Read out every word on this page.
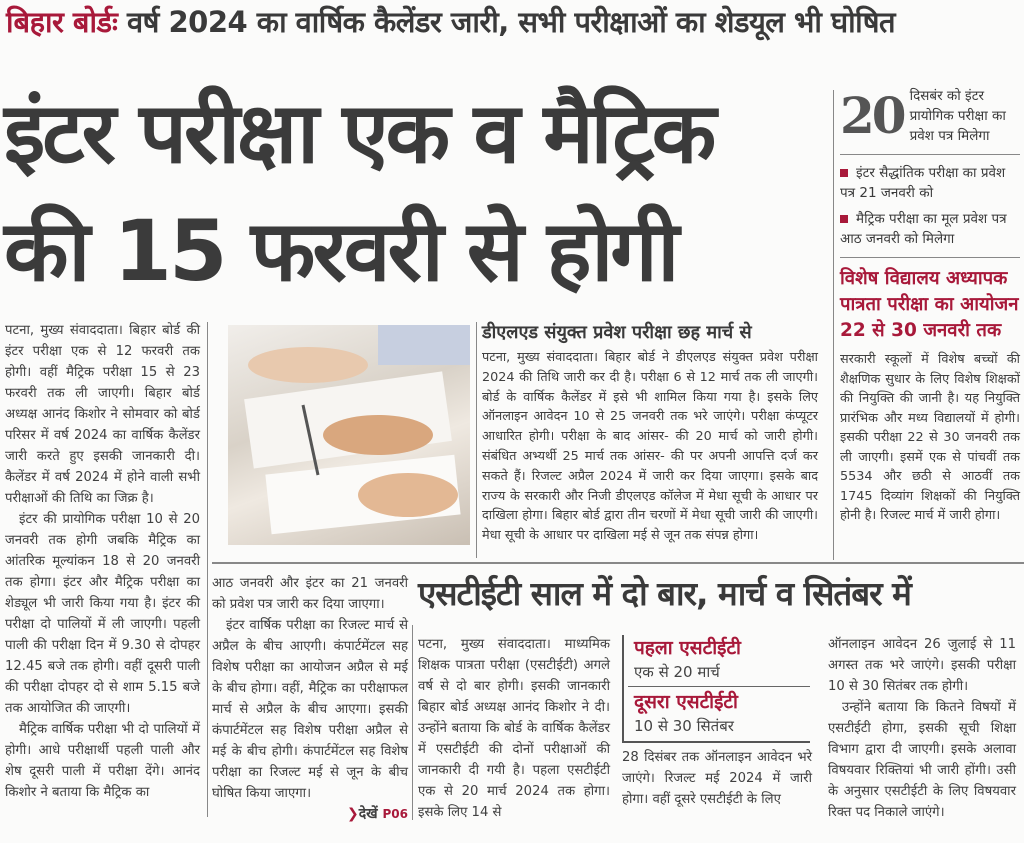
बिहार बोर्डः वर्ष 2024 का वार्षिक कैलेंडर जारी, सभी परीक्षाओं का शेडयूल भी घोषित
इंटर परीक्षा एक व मैट्रिक
की 15 फरवरी से होगी
20 दिसबंर को इंटर प्रायोगिक परीक्षा का प्रवेश पत्र मिलेगा
इंटर सैद्धांतिक परीक्षा का प्रवेश पत्र 21 जनवरी को
मैट्रिक परीक्षा का मूल प्रवेश पत्र आठ जनवरी को मिलेगा
विशेष विद्यालय अध्यापक पात्रता परीक्षा का आयोजन 22 से 30 जनवरी तक
सरकारी स्कूलों में विशेष बच्चों की शैक्षणिक सुधार के लिए विशेष शिक्षकों की नियुक्ति की जानी है। यह नियुक्ति प्रारंभिक और मध्य विद्यालयों में होगी। इसकी परीक्षा 22 से 30 जनवरी तक ली जाएगी। इसमें एक से पांचवीं तक 5534 और छठी से आठवीं तक 1745 दिव्यांग शिक्षकों की नियुक्ति होनी है। रिजल्ट मार्च में जारी होगा।

पटना, मुख्य संवाददाता। बिहार बोर्ड की इंटर परीक्षा एक से 12 फरवरी तक होगी। वहीं मैट्रिक परीक्षा 15 से 23 फरवरी तक ली जाएगी। बिहार बोर्ड अध्यक्ष आनंद किशोर ने सोमवार को बोर्ड परिसर में वर्ष 2024 का वार्षिक कैलेंडर जारी करते हुए इसकी जानकारी दी। कैलेंडर में वर्ष 2024 में होने वाली सभी परीक्षाओं की तिथि का जिक्र है।

इंटर की प्रायोगिक परीक्षा 10 से 20 जनवरी तक होगी जबकि मैट्रिक का आंतरिक मूल्यांकन 18 से 20 जनवरी तक होगा। इंटर और मैट्रिक परीक्षा का शेड्यूल भी जारी किया गया है। इंटर की परीक्षा दो पालियों में ली जाएगी। पहली पाली की परीक्षा दिन में 9.30 से दोपहर 12.45 बजे तक होगी। वहीं दूसरी पाली की परीक्षा दोपहर दो से शाम 5.15 बजे तक आयोजित की जाएगी।

मैट्रिक वार्षिक परीक्षा भी दो पालियों में होगी। आधे परीक्षार्थी पहली पाली और शेष दूसरी पाली में परीक्षा देंगे। आनंद किशोर ने बताया कि मैट्रिक का

डीएलएड संयुक्त प्रवेश परीक्षा छह मार्च से
पटना, मुख्य संवाददाता। बिहार बोर्ड ने डीएलएड संयुक्त प्रवेश परीक्षा 2024 की तिथि जारी कर दी है। परीक्षा 6 से 12 मार्च तक ली जाएगी। बोर्ड के वार्षिक कैलेंडर में इसे भी शामिल किया गया है। इसके लिए ऑनलाइन आवेदन 10 से 25 जनवरी तक भरे जाएंगे। परीक्षा कंप्यूटर आधारित होगी। परीक्षा के बाद आंसर- की 20 मार्च को जारी होगी। संबंधित अभ्यर्थी 25 मार्च तक आंसर- की पर अपनी आपत्ति दर्ज कर सकते हैं। रिजल्ट अप्रैल 2024 में जारी कर दिया जाएगा। इसके बाद राज्य के सरकारी और निजी डीएलएड कॉलेज में मेधा सूची के आधार पर दाखिला होगा। बिहार बोर्ड द्वारा तीन चरणों में मेधा सूची जारी की जाएगी। मेधा सूची के आधार पर दाखिला मई से जून तक संपन्न होगा।

आठ जनवरी और इंटर का 21 जनवरी को प्रवेश पत्र जारी कर दिया जाएगा।

इंटर वार्षिक परीक्षा का रिजल्ट मार्च से अप्रैल के बीच आएगी। कंपार्टमेंटल सह विशेष परीक्षा का आयोजन अप्रैल से मई के बीच होगा। वहीं, मैट्रिक का परीक्षाफल मार्च से अप्रैल के बीच आएगा। इसकी कंपार्टमेंटल सह विशेष परीक्षा अप्रैल से मई के बीच होगी। कंपार्टमेंटल सह विशेष परीक्षा का रिजल्ट मई से जून के बीच घोषित किया जाएगा।

❯देखें P06
एसटीईटी साल में दो बार, मार्च व सितंबर में
पटना, मुख्य संवाददाता। माध्यमिक शिक्षक पात्रता परीक्षा (एसटीईटी) अगले वर्ष से दो बार होगी। इसकी जानकारी बिहार बोर्ड अध्यक्ष आनंद किशोर ने दी। उन्होंने बताया कि बोर्ड के वार्षिक कैलेंडर में एसटीईटी की दोनों परीक्षाओं की जानकारी दी गयी है। पहला एसटीईटी एक से 20 मार्च 2024 तक होगा। इसके लिए 14 से
पहला एसटीईटी
एक से 20 मार्च
दूसरा एसटीईटी
10 से 30 सितंबर
28 दिसंबर तक ऑनलाइन आवेदन भरे जाएंगे। रिजल्ट मई 2024 में जारी होगा। वहीं दूसरे एसटीईटी के लिए

ऑनलाइन आवेदन 26 जुलाई से 11 अगस्त तक भरे जाएंगे। इसकी परीक्षा 10 से 30 सितंबर तक होगी।

उन्होंने बताया कि कितने विषयों में एसटीईटी होगा, इसकी सूची शिक्षा विभाग द्वारा दी जाएगी। इसके अलावा विषयवार रिक्तियां भी जारी होंगी। उसी के अनुसार एसटीईटी के लिए विषयवार रिक्त पद निकाले जाएंगे।
